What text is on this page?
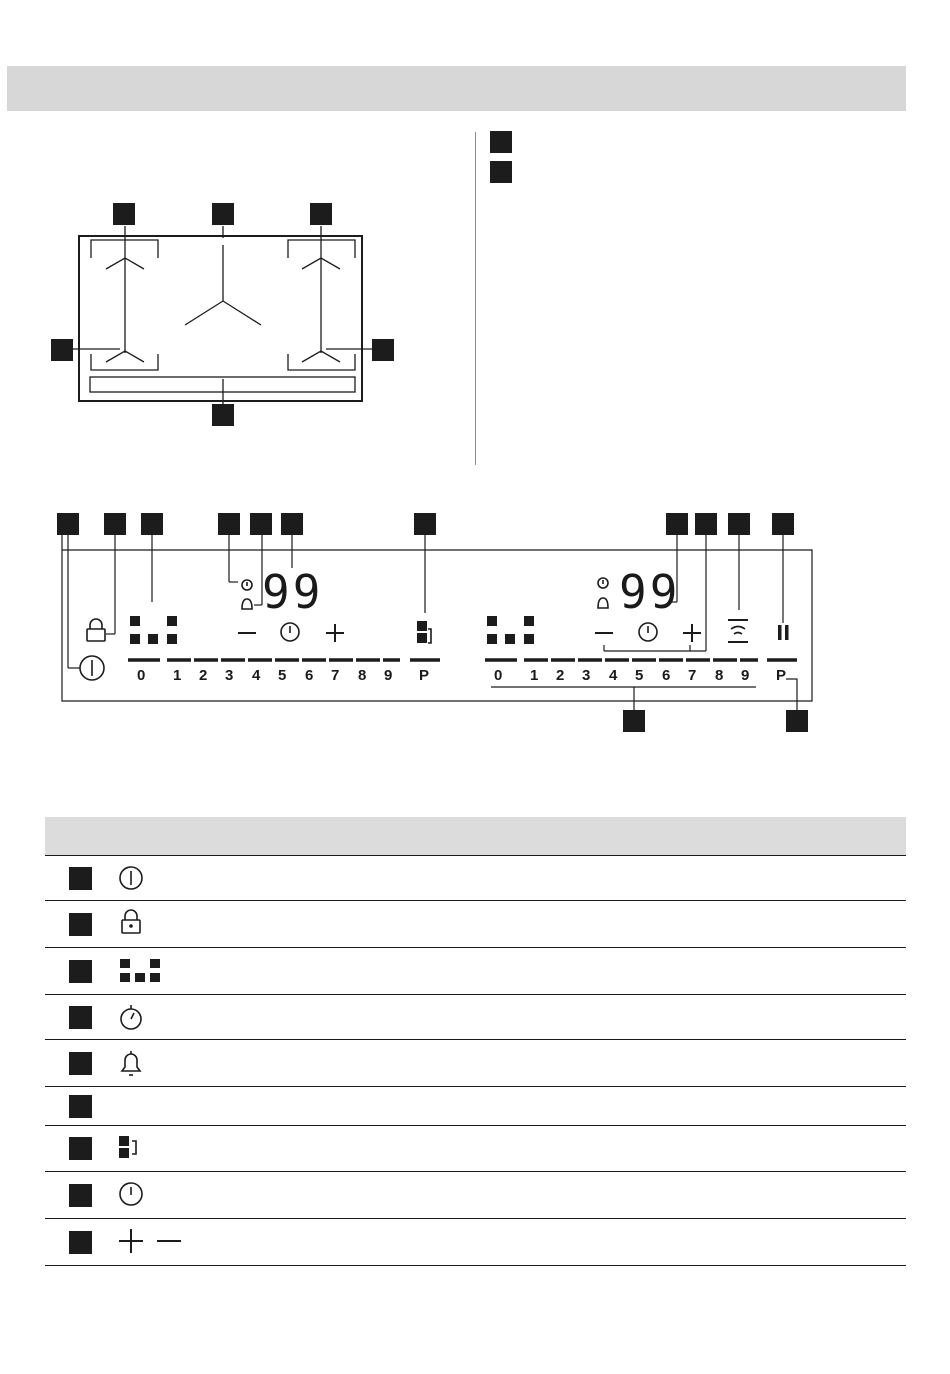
99	99
0 1 2 3 4 5 6 7 8 9 P	0 1 2 3 4 5 6 7 8 9 P
